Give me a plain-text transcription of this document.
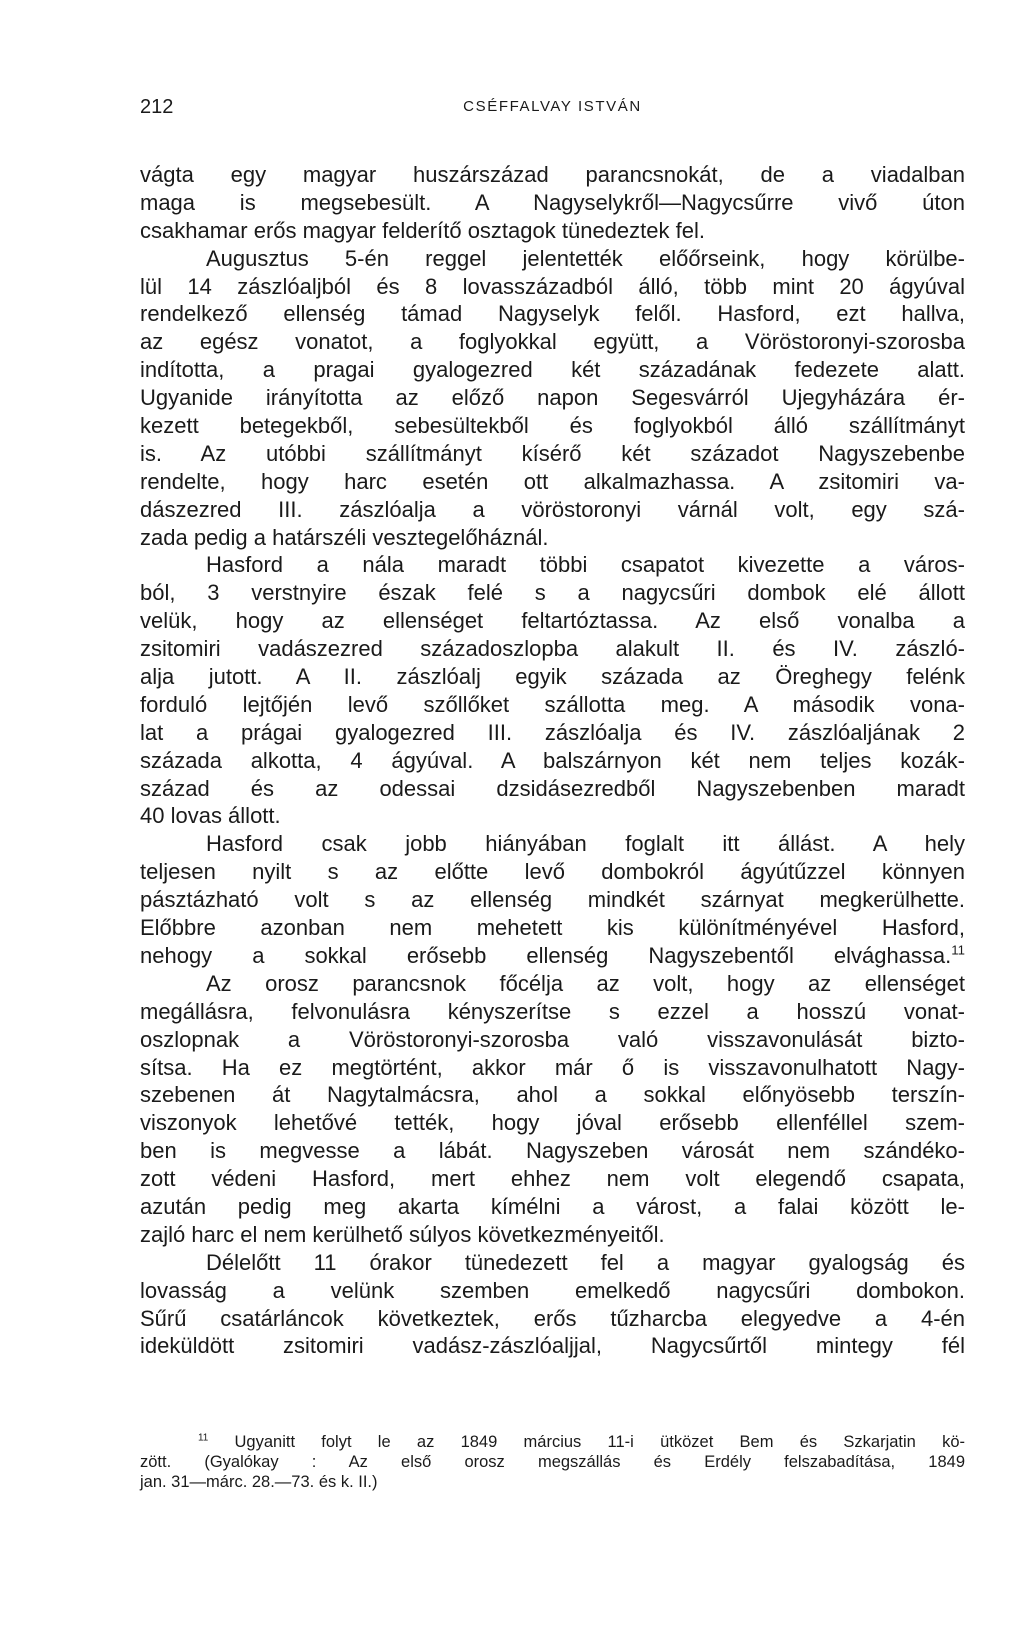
212	CSÉFFALVAY ISTVÁN
vágta egy magyar huszárszázad parancsnokát, de a viadalban
maga is megsebesült. A Nagyselykről—Nagycsűrre vivő úton
csakhamar erős magyar felderítő osztagok tünedeztek fel.
Augusztus 5-én reggel jelentették előőrseink, hogy körülbe-
lül 14 zászlóaljból és 8 lovasszázadból álló, több mint 20 ágyúval
rendelkező ellenség támad Nagyselyk felől. Hasford, ezt hallva,
az egész vonatot, a foglyokkal együtt, a Vöröstoronyi-szorosba
indította, a pragai gyalogezred két századának fedezete alatt.
Ugyanide irányította az előző napon Segesvárról Ujegyházára ér-
kezett betegekből, sebesültekből és foglyokból álló szállítmányt
is. Az utóbbi szállítmányt kísérő két századot Nagyszebenbe
rendelte, hogy harc esetén ott alkalmazhassa. A zsitomiri va-
dászezred III. zászlóalja a vöröstoronyi várnál volt, egy szá-
zada pedig a határszéli vesztegelőháznál.
Hasford a nála maradt többi csapatot kivezette a város-
ból, 3 verstnyire észak felé s a nagycsűri dombok elé állott
velük, hogy az ellenséget feltartóztassa. Az első vonalba a
zsitomiri vadászezred századoszlopba alakult II. és IV. zászló-
alja jutott. A II. zászlóalj egyik százada az Öreghegy felénk
forduló lejtőjén levő szőllőket szállotta meg. A második vona-
lat a prágai gyalogezred III. zászlóalja és IV. zászlóaljának 2
százada alkotta, 4 ágyúval. A balszárnyon két nem teljes kozák-
század és az odessai dzsidásezredből Nagyszebenben maradt
40 lovas állott.
Hasford csak jobb hiányában foglalt itt állást. A hely
teljesen nyilt s az előtte levő dombokról ágyútűzzel könnyen
pásztázható volt s az ellenség mindkét szárnyat megkerülhette.
Előbbre azonban nem mehetett kis különítményével Hasford,
nehogy a sokkal erősebb ellenség Nagyszebentől elvághassa.$^{11}$
Az orosz parancsnok főcélja az volt, hogy az ellenséget
megállásra, felvonulásra kényszerítse s ezzel a hosszú vonat-
oszlopnak a Vöröstoronyi-szorosba való visszavonulását bizto-
sítsa. Ha ez megtörtént, akkor már ő is visszavonulhatott Nagy-
szebenen át Nagytalmácsra, ahol a sokkal előnyösebb terszín-
viszonyok lehetővé tették, hogy jóval erősebb ellenféllel szem-
ben is megvesse a lábát. Nagyszeben városát nem szándéko-
zott védeni Hasford, mert ehhez nem volt elegendő csapata,
azután pedig meg akarta kímélni a várost, a falai között le-
zajló harc el nem kerülhető súlyos következményeitől.
Délelőtt 11 órakor tünedezett fel a magyar gyalogság és
lovasság a velünk szemben emelkedő nagycsűri dombokon.
Sűrű csatárláncok következtek, erős tűzharcba elegyedve a 4-én
ideküldött zsitomiri vadász-zászlóaljjal, Nagycsűrtől mintegy fél
$^{11}$ Ugyanitt folyt le az 1849 március 11-i ütközet Bem és Szkarjatin kö-
zött. (Gyalókay : Az első orosz megszállás és Erdély felszabadítása, 1849
jan. 31—márc. 28.—73. és k. II.)
